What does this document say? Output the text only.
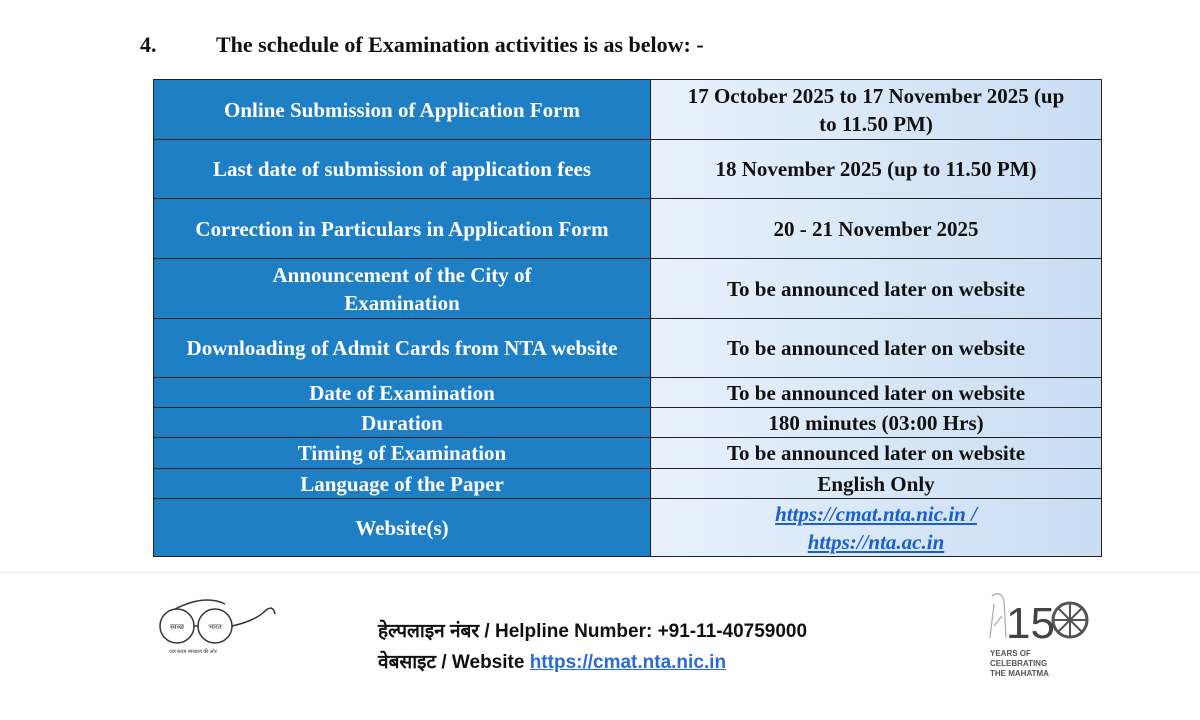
4.	The schedule of Examination activities is as below: -
Online Submission of Application Form	17 October 2025 to 17 November 2025 (up to 11.50 PM)
Last date of submission of application fees	18 November 2025 (up to 11.50 PM)
Correction in Particulars in Application Form	20 - 21 November 2025
Announcement of the City of Examination	To be announced later on website
Downloading of Admit Cards from NTA website	To be announced later on website
Date of Examination	To be announced later on website
Duration	180 minutes (03:00 Hrs)
Timing of Examination	To be announced later on website
Language of the Paper	English Only
Website(s)	https://cmat.nta.nic.in /
https://nta.ac.in
स्वच्छ	भारत
एक कदम स्वच्छता की ओर
हेल्पलाइन नंबर / Helpline Number: +91-11-40759000
वेबसाइट / Website https://cmat.nta.nic.in
15
YEARS OF
CELEBRATING
THE MAHATMA
